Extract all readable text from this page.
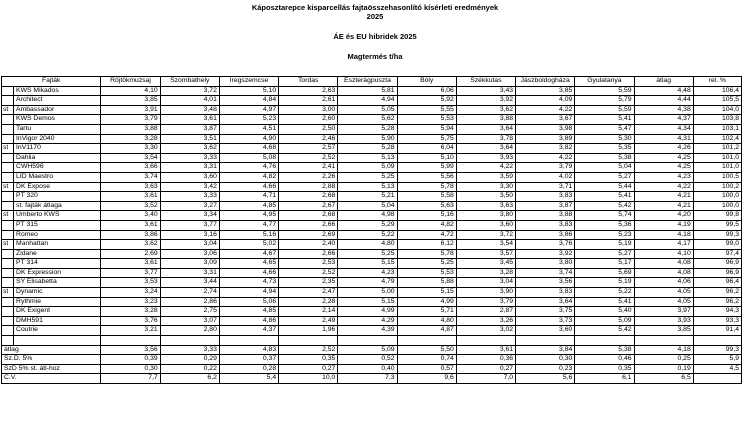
Káposztarepce kisparcellás fajtaösszehasonlító kísérleti eredmények
2025
ÁE és EU hibridek 2025
Magtermés t/ha
Fajták		Röjtökmuzsaj	Szombathely	Iregszemcse	Tordas	Eszterágpuszta	Bóly	Székkutas	Jászboldogháza	Gyulatanya	átlag	rel. %
	KWS Mikados	4,10	3,72	5,10	2,63	5,81	6,06	3,43	3,85	5,59	4,48	106,4
	Architect	3,85	4,01	4,84	2,61	4,94	5,92	3,92	4,09	5,79	4,44	105,5
st	Ambassador	3,91	3,48	4,97	3,00	5,05	5,55	3,62	4,22	5,59	4,38	104,0
	KWS Demos	3,79	3,61	5,23	2,60	5,62	5,53	3,88	3,67	5,41	4,37	103,8
	Tartu	3,88	3,87	4,51	2,50	5,28	5,94	3,64	3,98	5,47	4,34	103,1
	InVigor 2040	3,28	3,51	4,90	2,46	5,90	5,75	3,78	3,89	5,30	4,31	102,4
st	InV1170	3,30	3,62	4,68	2,57	5,28	6,04	3,64	3,82	5,35	4,26	101,2
	Dahlia	3,54	3,33	5,08	2,52	5,13	5,10	3,93	4,22	5,38	4,25	101,0
	CWH596	3,66	3,31	4,76	2,41	5,09	5,99	4,22	3,79	5,04	4,25	101,0
	LID Maestro	3,74	3,60	4,82	2,26	5,25	5,56	3,59	4,02	5,27	4,23	100,5
st	DK Expose	3,63	3,42	4,66	2,88	5,13	5,78	3,30	3,71	5,44	4,22	100,2
	PT 320	3,61	3,33	4,71	2,68	5,21	5,58	3,50	3,83	5,41	4,21	100,0
	st. fajták átlaga	3,52	3,27	4,85	2,67	5,04	5,63	3,63	3,87	5,42	4,21	100,0
st	Umberto KWS	3,40	3,34	4,95	2,68	4,98	5,16	3,80	3,88	5,74	4,20	99,8
	PT 315	3,61	3,77	4,77	2,66	5,29	4,82	3,60	3,83	5,36	4,19	99,5
	Romeo	3,86	3,16	5,16	2,69	5,22	4,72	3,72	3,86	5,23	4,18	99,3
st	Manhattan	3,62	3,04	5,02	2,40	4,80	6,12	3,54	3,76	5,19	4,17	99,0
	Zidane	2,69	3,06	4,67	2,66	5,25	5,78	3,57	3,92	5,27	4,10	97,4
	PT 314	3,61	3,09	4,65	2,53	5,15	5,25	3,45	3,80	5,17	4,08	96,9
	DK Expression	3,77	3,31	4,66	2,52	4,23	5,53	3,28	3,74	5,69	4,08	96,9
	SY Elisabetta	3,53	3,44	4,73	2,35	4,79	5,88	3,04	3,56	5,19	4,06	96,4
st	Dynamic	3,24	2,74	4,94	2,47	5,00	5,15	3,90	3,83	5,22	4,05	96,2
	Rythmie	3,23	2,86	5,06	2,28	5,15	4,99	3,79	3,64	5,41	4,05	96,2
	DK Exigent	3,28	2,75	4,85	2,14	4,99	5,71	2,87	3,75	5,40	3,97	94,3
	DMH591	3,76	3,07	4,86	2,49	4,29	4,80	3,26	3,73	5,09	3,93	93,3
	Coutrie	3,21	2,80	4,37	1,96	4,39	4,87	3,02	3,60	5,42	3,85	91,4

átlag		3,56	3,33	4,83	2,52	5,09	5,50	3,61	3,84	5,38	4,18	99,3
Sz.D. 5%		0,39	0,29	0,37	0,35	0,52	0,74	0,36	0,30	0,46	0,25	5,9
SzD 5% st. átl-hoz		0,30	0,22	0,28	0,27	0,40	0,57	0,27	0,23	0,35	0,19	4,5
C.V.		7,7	6,2	5,4	10,0	7,3	9,6	7,0	5,6	6,1	6,5	
